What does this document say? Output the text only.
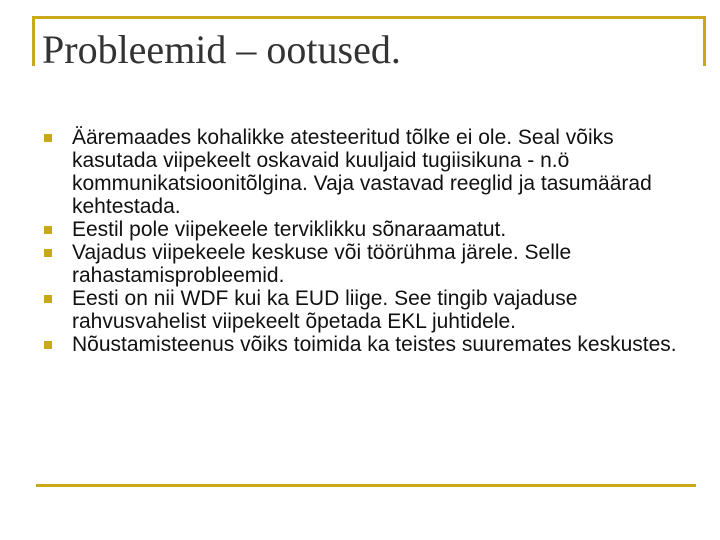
Probleemid – ootused.
Ääremaades kohalikke atesteeritud tõlke ei ole. Seal võiks kasutada viipekeelt oskavaid kuuljaid tugiisikuna - n.ö kommunikatsioonitõlgina. Vaja vastavad reeglid ja tasumäärad kehtestada.
Eestil pole viipekeele terviklikku sõnaraamatut.
Vajadus viipekeele keskuse või töörühma järele. Selle rahastamisprobleemid.
Eesti on nii WDF kui ka EUD liige. See tingib vajaduse rahvusvahelist viipekeelt õpetada EKL juhtidele.
Nõustamisteenus võiks toimida ka teistes suuremates keskustes.
